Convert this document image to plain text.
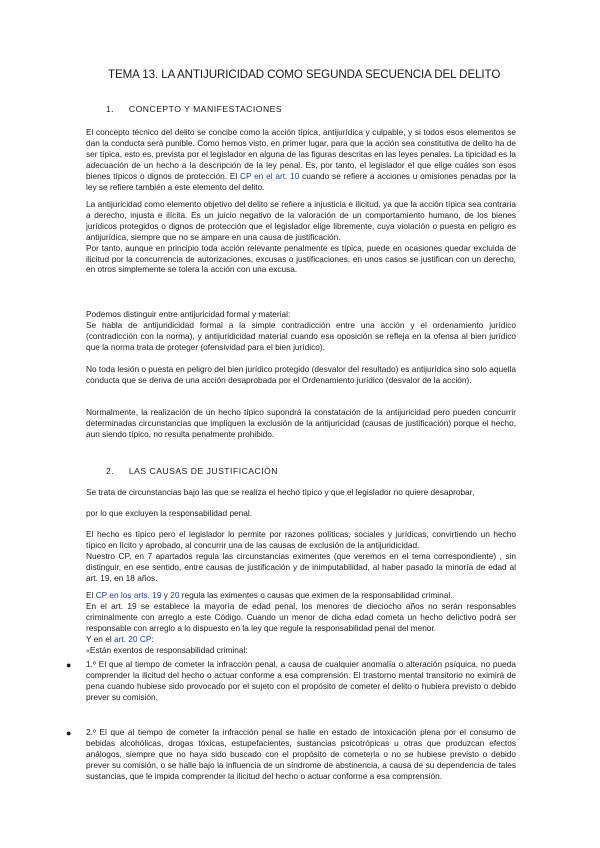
TEMA 13. LA ANTIJURICIDAD COMO SEGUNDA SECUENCIA DEL DELITO
1. CONCEPTO Y MANIFESTACIONES

El concepto técnico del delito se concibe como la acción típica, antijurídica y culpable, y si todos esos elementos se dan la conducta será punible. Como hemos visto, en primer lugar, para que la acción sea constitutiva de delito ha de ser típica, esto es, prevista por el legislador en alguna de las figuras descritas en las leyes penales. La tipicidad es la adecuación de un hecho a la descripción de la ley penal. Es, por tanto, el legislador el que elige cuáles son esos bienes típicos o dignos de protección. El CP en el art. 10 cuando se refiere a acciones u omisiones penadas por la ley se refiere también a este elemento del delito.

La antijuricidad como elemento objetivo del delito se refiere a injusticia e ilicitud, ya que la acción típica sea contraria a derecho, injusta e ilícita. Es un juicio negativo de la valoración de un comportamiento humano, de los bienes jurídicos protegidos o dignos de protección que el legislador elige libremente, cuya violación o puesta en peligro es antijurídica, siempre que no se ampare en una causa de justificación.

Por tanto, aunque en principio toda acción relevante penalmente es típica, puede en ocasiones quedar excluida de ilicitud por la concurrencia de autorizaciones, excusas o justificaciones, en unos casos se justifican con un derecho, en otros simplemente se tolera la acción con una excusa.

Podemos distinguir entre antijuricidad formal y material:

Se habla de antijuridicidad formal a la simple contradicción entre una acción y el ordenamiento jurídico (contradicción con la norma), y antijuridicidad material cuando esa oposición se refleja en la ofensa al bien jurídico que la norma trata de proteger (ofensividad para el bien jurídico).

No toda lesión o puesta en peligro del bien jurídico protegido (desvalor del resultado) es antijurídica sino solo aquella conducta que se deriva de una acción desaprobada por el Ordenamiento jurídico (desvalor de la acción).

Normalmente, la realización de un hecho típico supondrá la constatación de la antijuricidad pero pueden concurrir determinadas circunstancias que impliquen la exclusión de la antijuricidad (causas de justificación) porque el hecho, aun siendo típico, no resulta penalmente prohibido.

2. LAS CAUSAS DE JUSTIFICACIÓN

Se trata de circunstancias bajo las que se realiza el hecho típico y que el legislador no quiere desaprobar,

por lo que excluyen la responsabilidad penal.

El hecho es típico pero el legislador lo permite por razones políticas, sociales y jurídicas, convirtiendo un hecho típico en lícito y aprobado, al concurrir una de las causas de exclusión de la antijuridicidad.

Nuestro CP, en 7 apartados regula las circunstancias eximentes (que veremos en el tema correspondiente) , sin distinguir, en ese sentido, entre causas de justificación y de inimputabilidad, al haber pasado la minoría de edad al art. 19, en 18 años.

El CP en los arts. 19 y 20 regula las eximentes o causas que eximen de la responsabilidad criminal.

En el art. 19 se establece la mayoría de edad penal, los menores de dieciocho años no serán responsables criminalmente con arreglo a este Código. Cuando un menor de dicha edad cometa un hecho delictivo podrá ser responsable con arreglo a lo dispuesto en la ley que regule la responsabilidad penal del menor.

Y en el art. 20 CP:

«Están exentos de responsabilidad criminal:

● 1.º El que al tiempo de cometer la infracción penal, a causa de cualquier anomalía o alteración psíquica, no pueda comprender la ilicitud del hecho o actuar conforme a esa comprensión. El trastorno mental transitorio no eximirá de pena cuando hubiese sido provocado por el sujeto con el propósito de cometer el delito o hubiera previsto o debido prever su comisión.

● 2.º El que al tiempo de cometer la infracción penal se halle en estado de intoxicación plena por el consumo de bebidas alcohólicas, drogas tóxicas, estupefacientes, sustancias psicotrópicas u otras que produzcan efectos análogos, siempre que no haya sido buscado con el propósito de cometerla o no se hubiese previsto o debido prever su comisión, o se halle bajo la influencia de un síndrome de abstinencia, a causa de su dependencia de tales sustancias, que le impida comprender la ilicitud del hecho o actuar conforme a esa comprensión.
